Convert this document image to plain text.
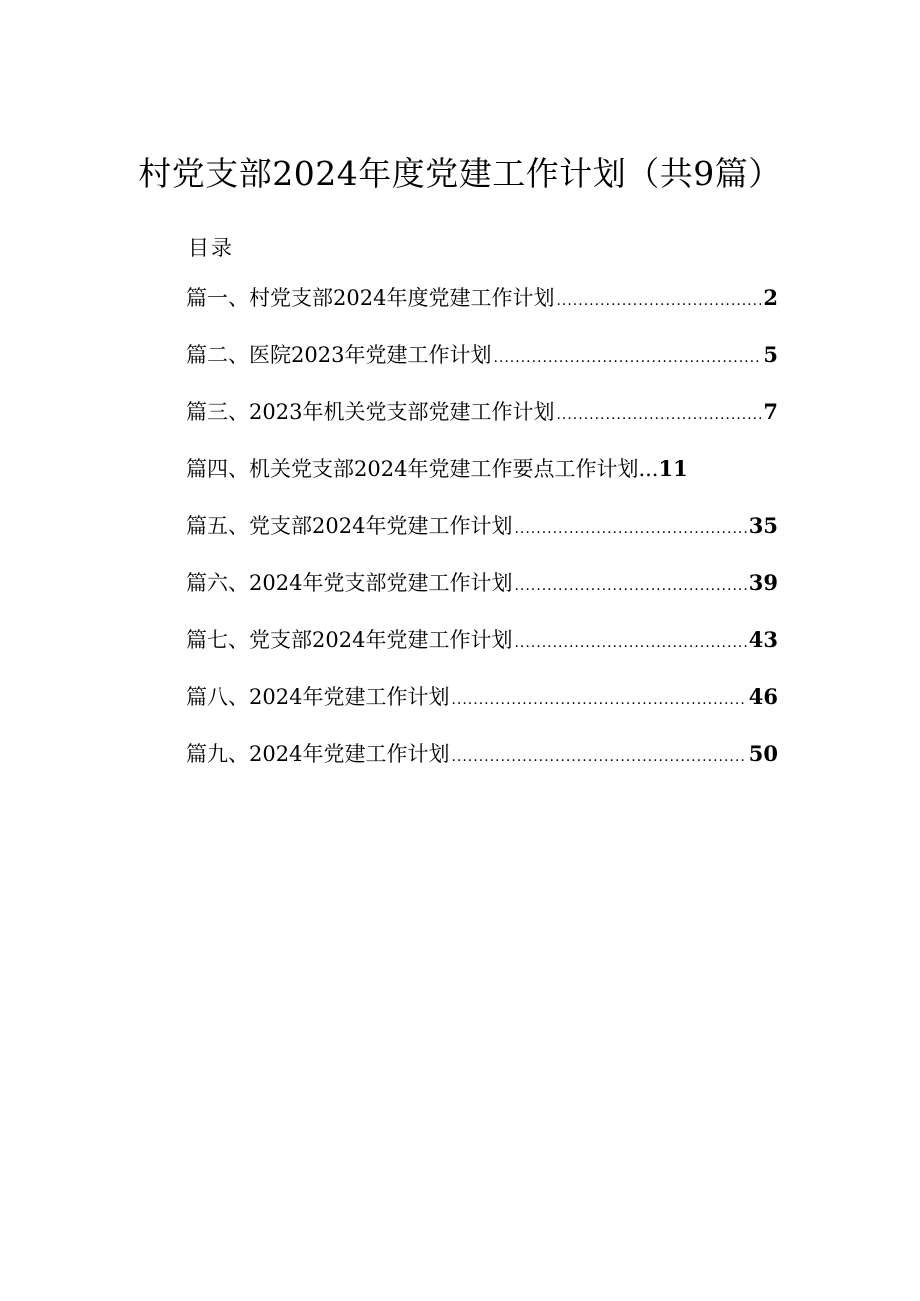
村党支部2024年度党建工作计划（共9篇）
目录
篇一、村党支部2024年度党建工作计划 .....	2
篇二、医院2023年党建工作计划 .....	5
篇三、2023年机关党支部党建工作计划 .....	7
篇四、机关党支部2024年党建工作要点工作计划 ... 11
篇五、党支部2024年党建工作计划 .....	35
篇六、2024年党支部党建工作计划 .....	39
篇七、党支部2024年党建工作计划 .....	43
篇八、2024年党建工作计划 .....	46
篇九、2024年党建工作计划 .....	50
